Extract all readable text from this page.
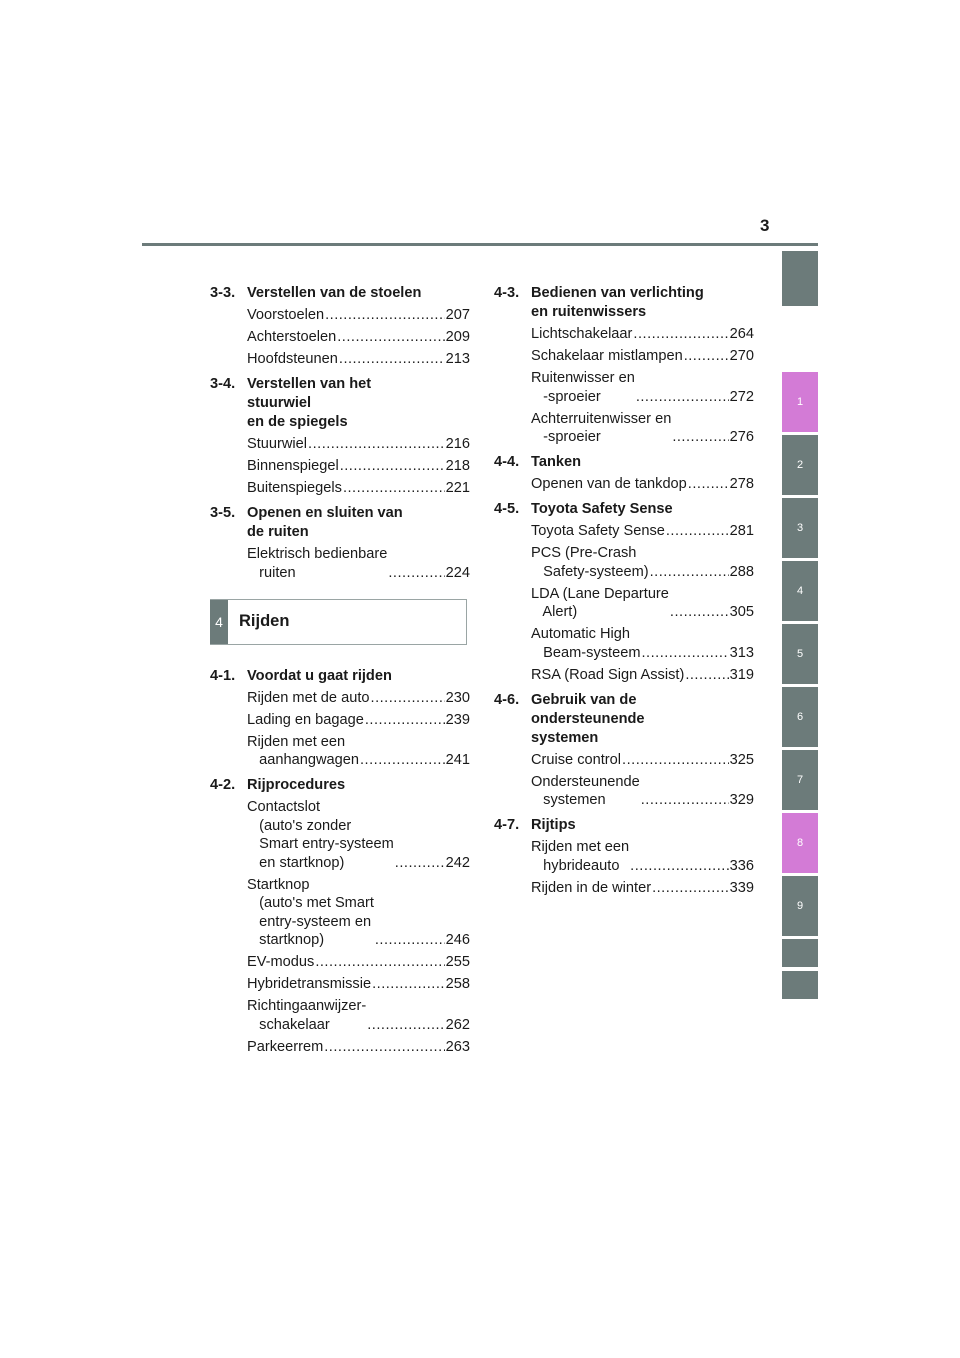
3
1
2
3
4
5
6
7
8
9
3-3. Verstellen van de stoelen
Voorstoelen .....	207
Achterstoelen .....	209
Hoofdsteunen .....	213
3-4. Verstellen van het
stuurwiel
en de spiegels
Stuurwiel .....	216
Binnenspiegel .....	218
Buitenspiegels .....	221
3-5. Openen en sluiten van
de ruiten
Elektrisch bedienbare
ruiten .....	224
4 Rijden
4-1. Voordat u gaat rijden
Rijden met de auto .....	230
Lading en bagage .....	239
Rijden met een
aanhangwagen .....	241
4-2. Rijprocedures
Contactslot
(auto's zonder
Smart entry-systeem
en startknop) .....	242
Startknop
(auto's met Smart
entry-systeem en
startknop) .....	246
EV-modus .....	255
Hybridetransmissie .....	258
Richtingaanwijzer-
schakelaar .....	262
Parkeerrem .....	263
4-3. Bedienen van verlichting
en ruitenwissers
Lichtschakelaar .....	264
Schakelaar mistlampen .....	270
Ruitenwisser en
-sproeier .....	272
Achterruitenwisser en
-sproeier .....	276
4-4. Tanken
Openen van de tankdop .....	278
4-5. Toyota Safety Sense
Toyota Safety Sense .....	281
PCS (Pre-Crash
Safety-systeem) .....	288
LDA (Lane Departure
Alert) .....	305
Automatic High
Beam-systeem .....	313
RSA (Road Sign Assist) .....	319
4-6. Gebruik van de
ondersteunende
systemen
Cruise control .....	325
Ondersteunende
systemen .....	329
4-7. Rijtips
Rijden met een
hybrideauto .....	336
Rijden in de winter .....	339
